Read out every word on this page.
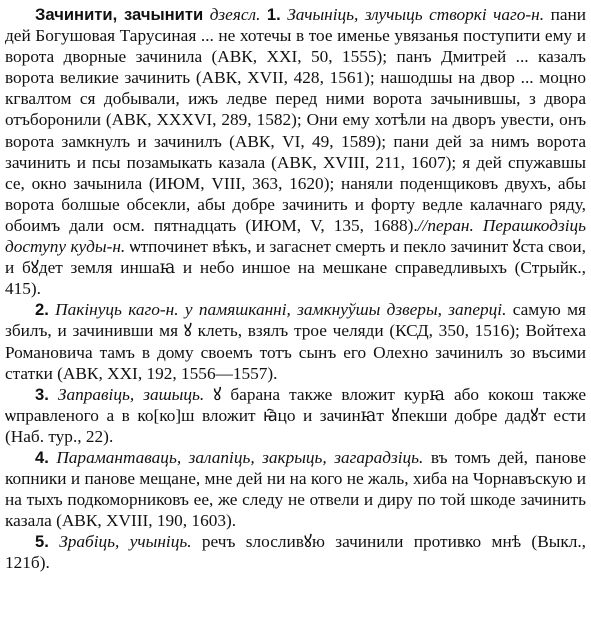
Зачинити, зачынити дзеясл. 1. Зачыніць, злучыць створкі чаго-н. пани дей Богушовая Тарусиная ... не хотечы в тое именье увязанья поступити ему и ворота дворные зачинила (АВК, XXI, 50, 1555); панъ Дмитрей ... казалъ ворота великие зачинить (АВК, XVII, 428, 1561); нашодшы на двор ... моцно кгвалтом ся добывали, ижъ ледве перед ними ворота зачынившы, з двора отъборонили (АВК, XXXVI, 289, 1582); Они ему хотѣли на дворъ увести, онъ ворота замкнулъ и зачинилъ (АВК, VI, 49, 1589); пани дей за нимъ ворота зачинить и псы позамыкать казала (АВК, XVIII, 211, 1607); я дей спужавшы се, окно зачынила (ИЮМ, VIII, 363, 1620); наняли поденщиковъ двухъ, абы ворота болшые обсекли, абы добре зачинить и форту ведле калачнаго ряду, обоимъ дали осм. пятнадцать (ИЮМ, V, 135, 1688).//перан. Перашкодзіць доступу куды-н. ѡтпочинет вѣкъ, и загаснет смерть и пекло зачинит ꙋста свои, и бꙋдет земля иншаꙗ и небо иншое на мешкане справедливыхъ (Стрыйк., 415).

2. Пакінуць каго-н. у памяшканні, замкнуўшы дзверы, заперці. самую мя збилъ, и зачинивши мя ꙋ клеть, взялъ трое челяди (КСД, 350, 1516); Войтеха Романовича тамъ в дому своемъ тотъ сынъ его Олехно зачинилъ зо въсими статки (АВК, XXI, 192, 1556—1557).

3. Заправіць, зашыць. ꙋ барана также вложит курꙗ або кокош также ѡправленого а в ко[ко]ш вложит ꙗ҇цо и зачинꙗт ꙋпекши добре дадꙋт ести (Наб. тур., 22).

4. Парамантаваць, залапіць, закрыць, загарадзіць. въ томъ дей, панове копники и панове мещане, мне дей ни на кого не жаль, хиба на Чорнавъскую и на тыхъ подкоморниковъ ее, же следу не отвели и диру по той шкоде зачинить казала (АВК, XVIII, 190, 1603).

5. Зрабіць, учыніць. речъ ѕлосливꙋю зачинили противко мнѣ (Выкл., 121б).
